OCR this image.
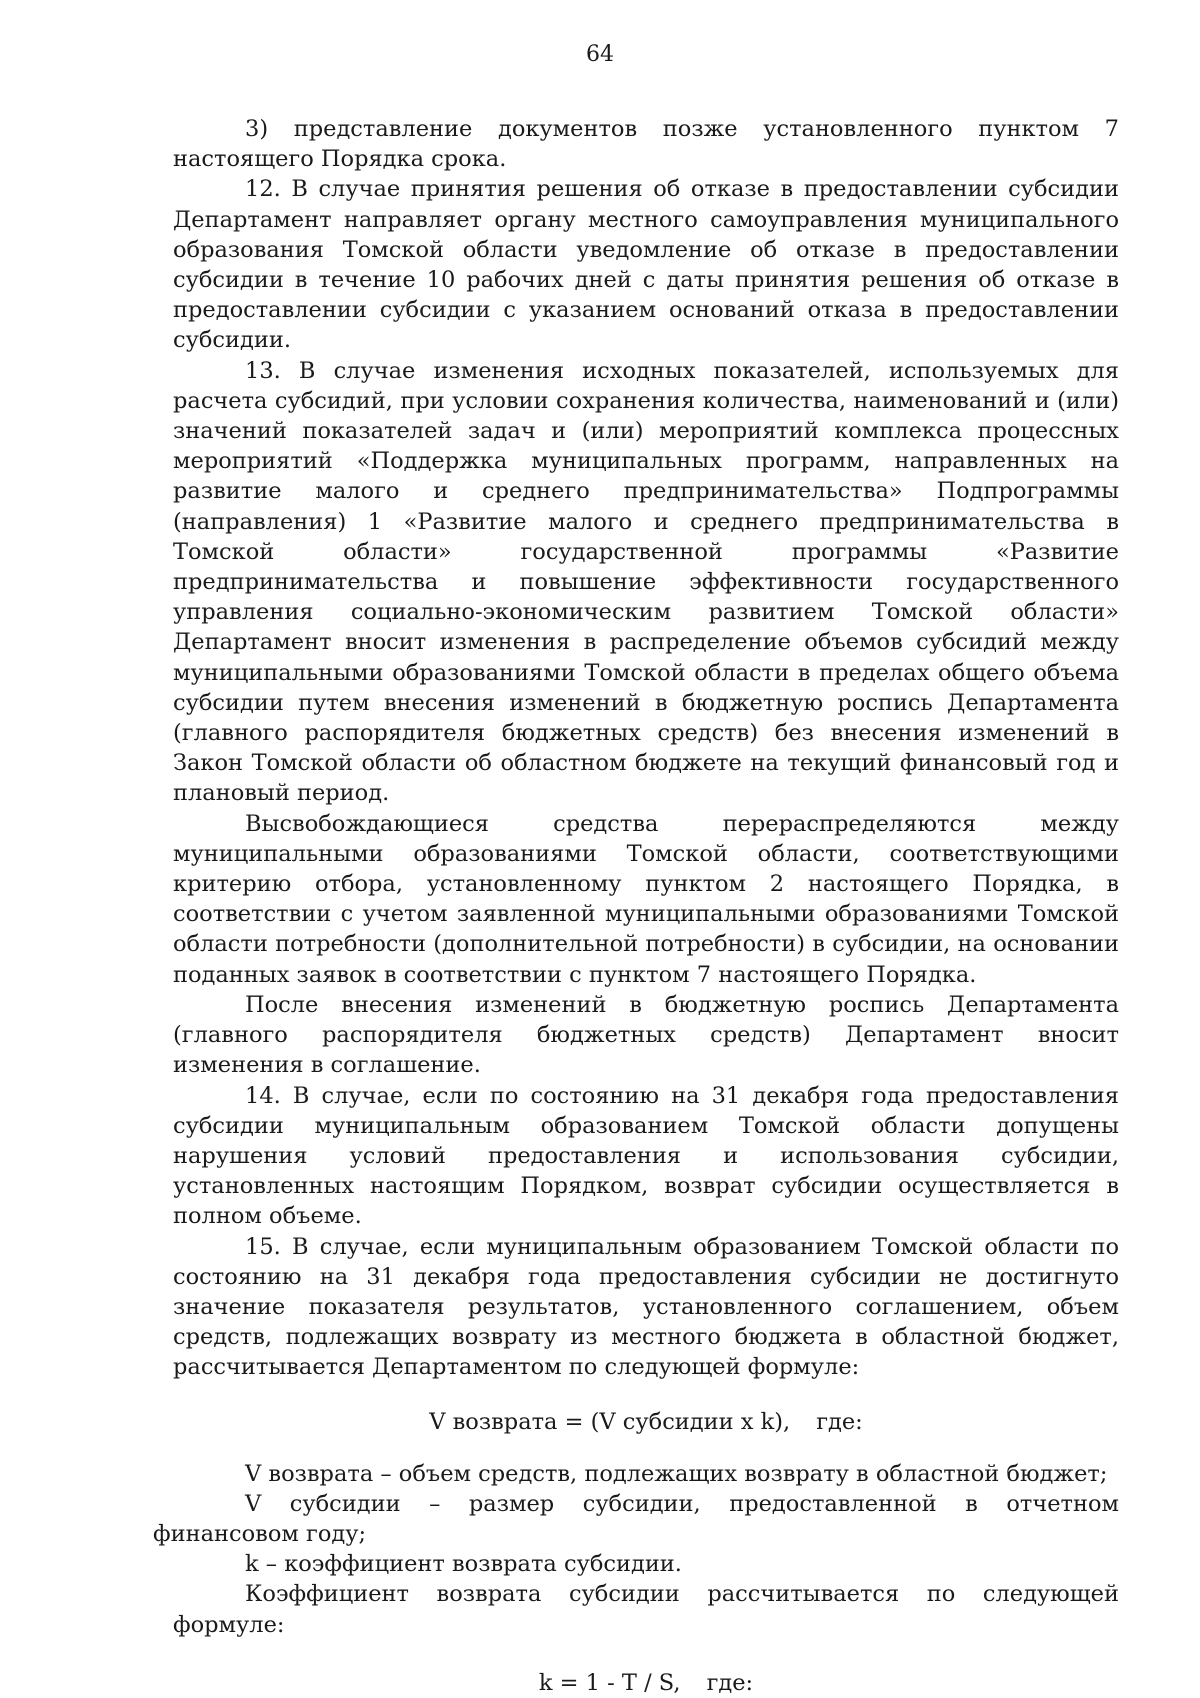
64

3) представление документов позже установленного пунктом 7 настоящего Порядка срока.

12. В случае принятия решения об отказе в предоставлении субсидии Департамент направляет органу местного самоуправления муниципального образования Томской области уведомление об отказе в предоставлении субсидии в течение 10 рабочих дней с даты принятия решения об отказе в предоставлении субсидии с указанием оснований отказа в предоставлении субсидии.

13. В случае изменения исходных показателей, используемых для расчета субсидий, при условии сохранения количества, наименований и (или) значений показателей задач и (или) мероприятий комплекса процессных мероприятий «Поддержка муниципальных программ, направленных на развитие малого и среднего предпринимательства» Подпрограммы (направления) 1 «Развитие малого и среднего предпринимательства в Томской области» государственной программы «Развитие предпринимательства и повышение эффективности государственного управления социально-экономическим развитием Томской области» Департамент вносит изменения в распределение объемов субсидий между муниципальными образованиями Томской области в пределах общего объема субсидии путем внесения изменений в бюджетную роспись Департамента (главного распорядителя бюджетных средств) без внесения изменений в Закон Томской области об областном бюджете на текущий финансовый год и плановый период.

Высвобождающиеся средства перераспределяются между муниципальными образованиями Томской области, соответствующими критерию отбора, установленному пунктом 2 настоящего Порядка, в соответствии с учетом заявленной муниципальными образованиями Томской области потребности (дополнительной потребности) в субсидии, на основании поданных заявок в соответствии с пунктом 7 настоящего Порядка.

После внесения изменений в бюджетную роспись Департамента (главного распорядителя бюджетных средств) Департамент вносит изменения в соглашение.

14. В случае, если по состоянию на 31 декабря года предоставления субсидии муниципальным образованием Томской области допущены нарушения условий предоставления и использования субсидии, установленных настоящим Порядком, возврат субсидии осуществляется в полном объеме.

15. В случае, если муниципальным образованием Томской области по состоянию на 31 декабря года предоставления субсидии не достигнуто значение показателя результатов, установленного соглашением, объем средств, подлежащих возврату из местного бюджета в областной бюджет, рассчитывается Департаментом по следующей формуле:

V возврата = (V субсидии x k), где:

V возврата – объем средств, подлежащих возврату в областной бюджет;

V субсидии – размер субсидии, предоставленной в отчетном финансовом году;

k – коэффициент возврата субсидии.

Коэффициент возврата субсидии рассчитывается по следующей формуле:

k = 1 - T / S, где:
